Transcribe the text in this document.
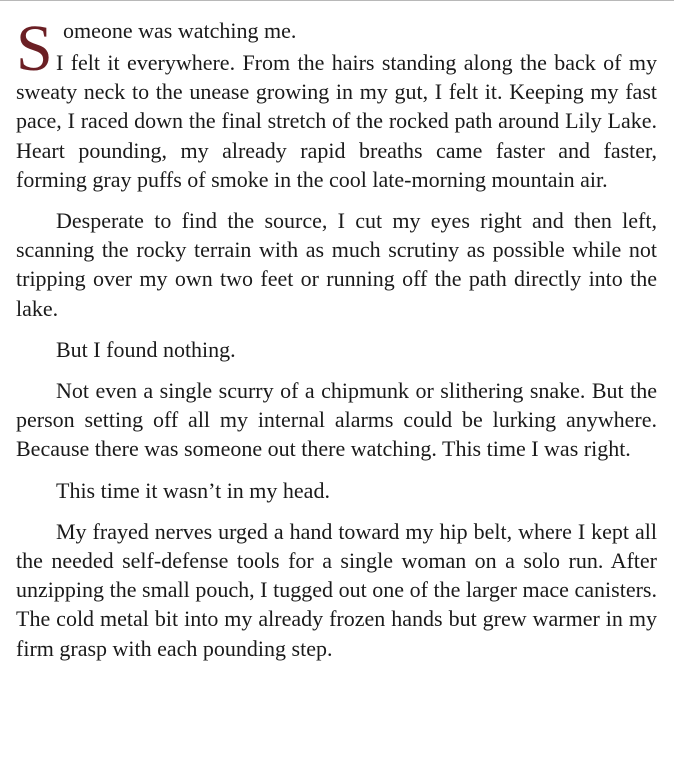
S omeone was watching me.
I felt it everywhere. From the hairs standing along the back of my sweaty neck to the unease growing in my gut, I felt it. Keeping my fast pace, I raced down the final stretch of the rocked path around Lily Lake. Heart pounding, my already rapid breaths came faster and faster, forming gray puffs of smoke in the cool late-morning mountain air.

Desperate to find the source, I cut my eyes right and then left, scanning the rocky terrain with as much scrutiny as possible while not tripping over my own two feet or running off the path directly into the lake.

But I found nothing.

Not even a single scurry of a chipmunk or slithering snake. But the person setting off all my internal alarms could be lurking anywhere. Because there was someone out there watching. This time I was right.

This time it wasn’t in my head.

My frayed nerves urged a hand toward my hip belt, where I kept all the needed self-defense tools for a single woman on a solo run. After unzipping the small pouch, I tugged out one of the larger mace canisters. The cold metal bit into my already frozen hands but grew warmer in my firm grasp with each pounding step.
